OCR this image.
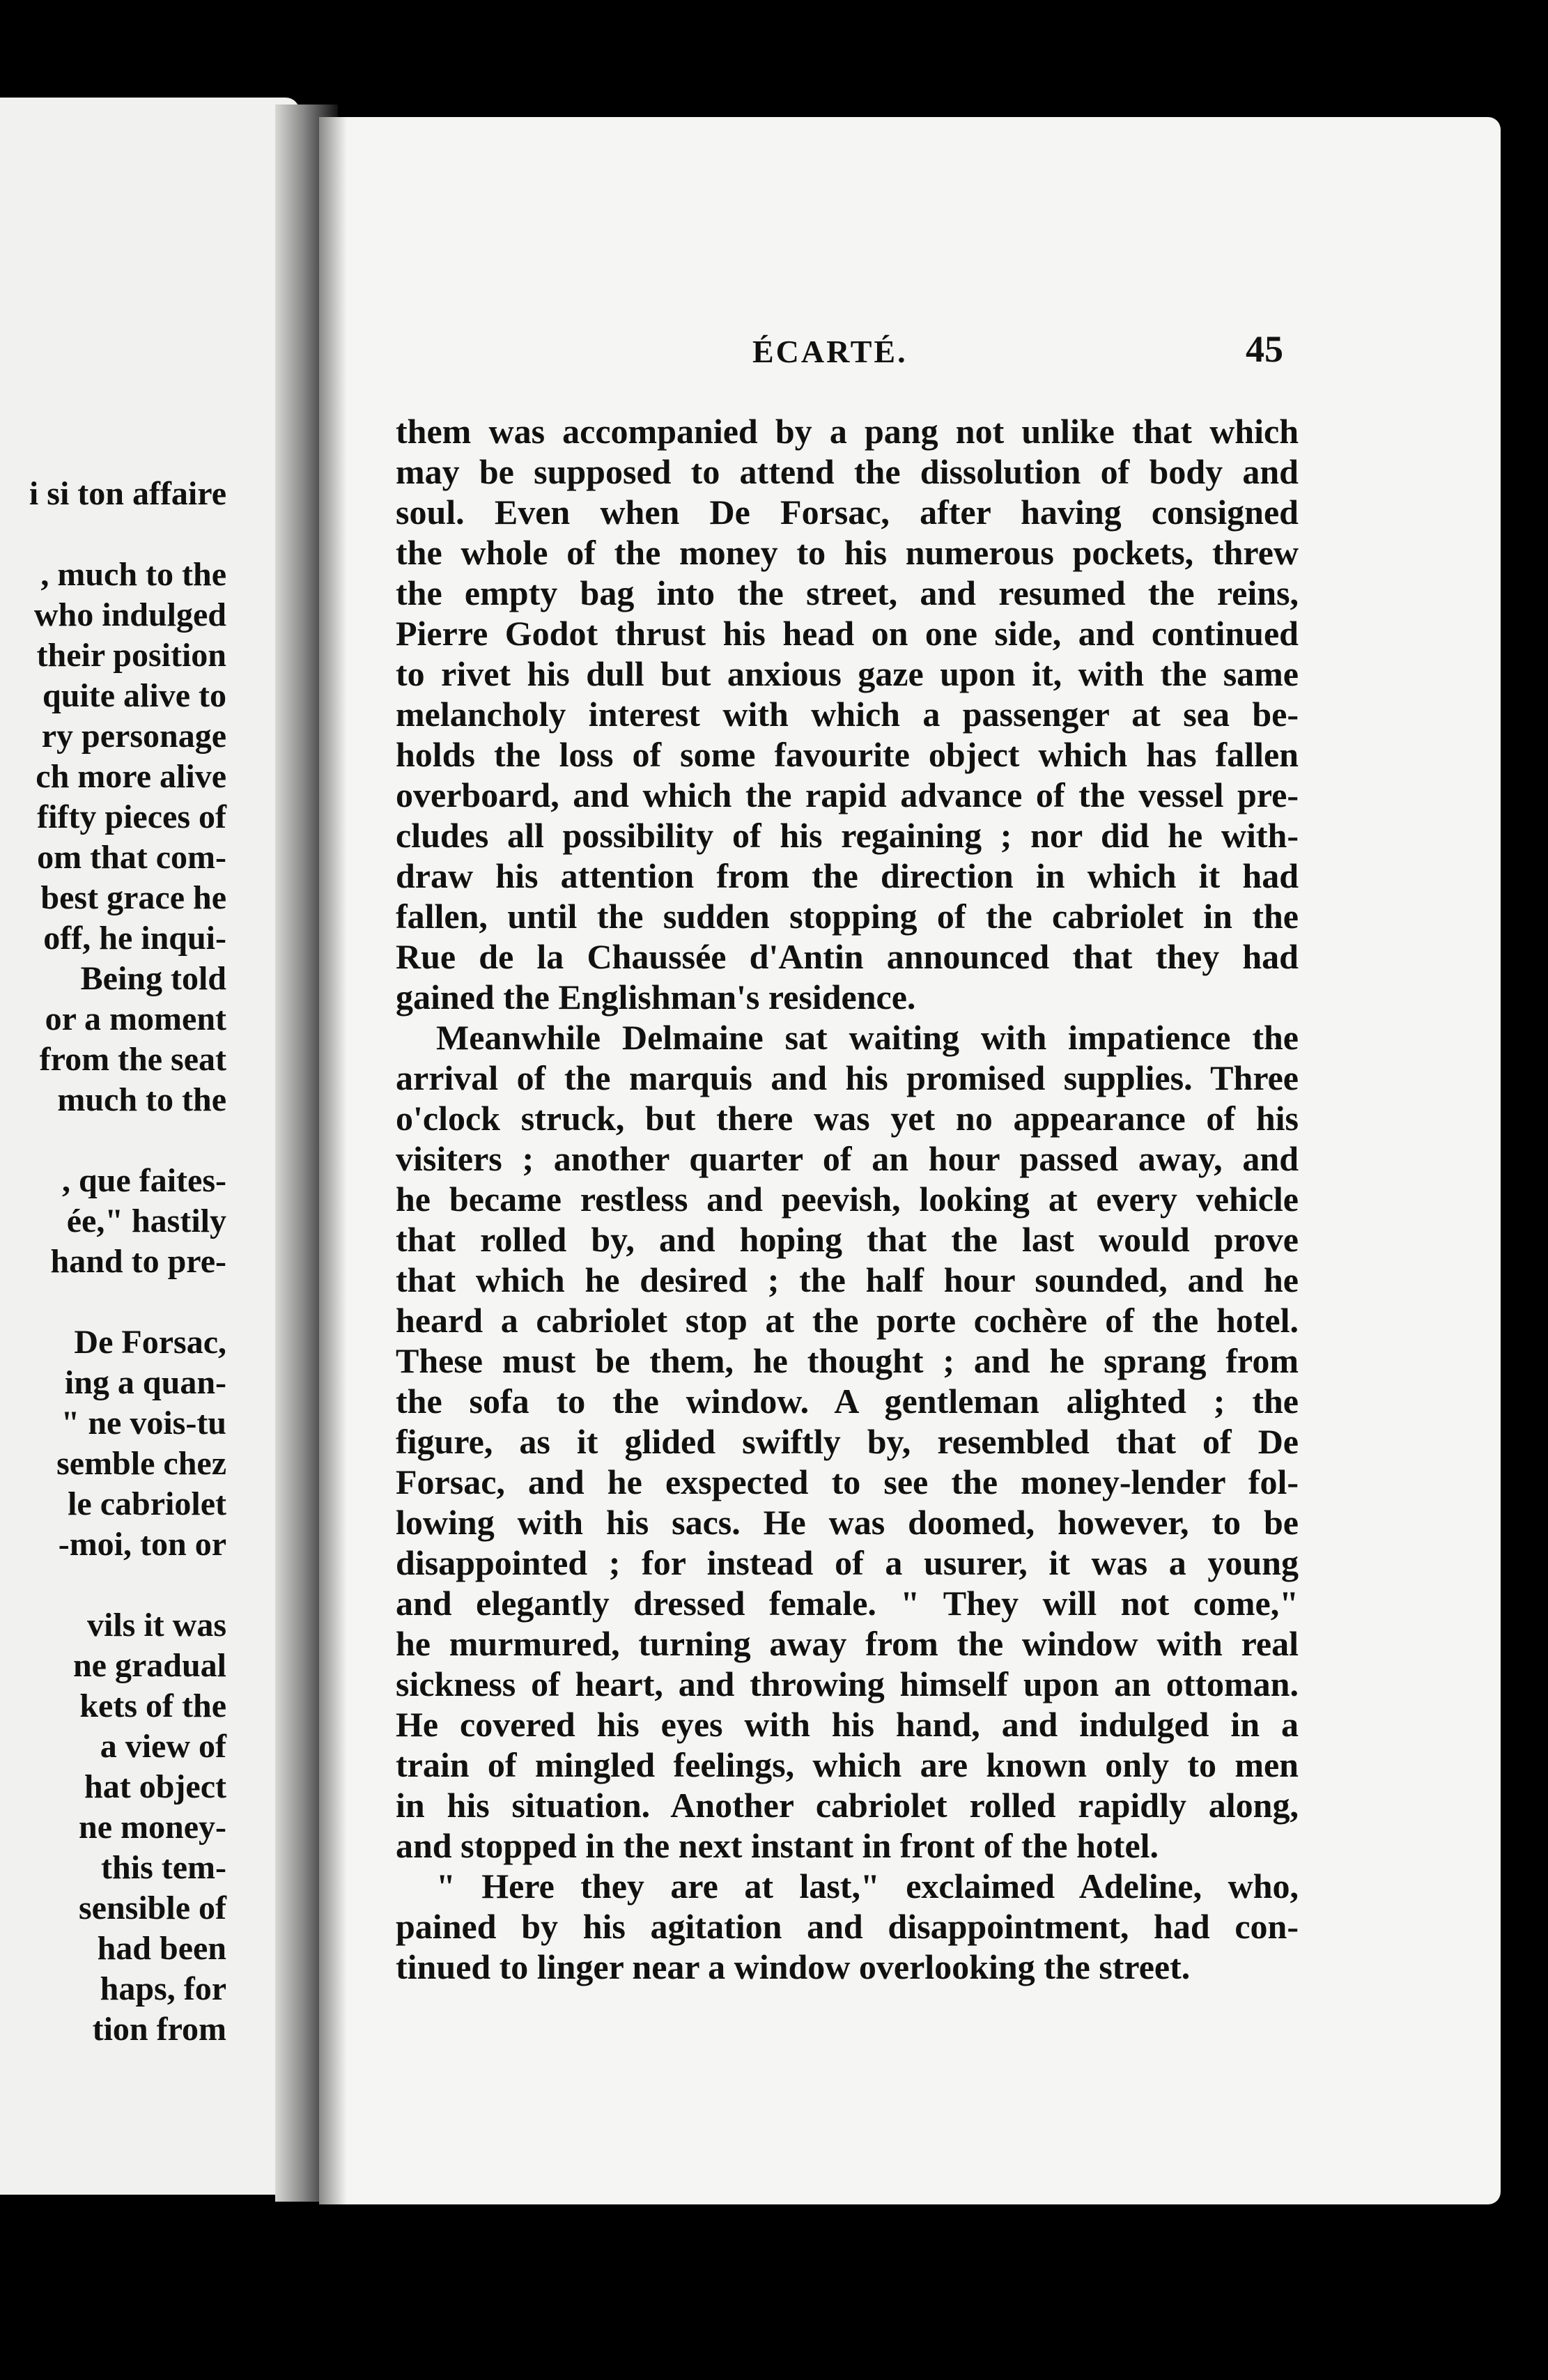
i si ton affaire
, much to the
who indulged
their position
quite alive to
ry personage
ch more alive
fifty pieces of
om that com-
best grace he
off, he inqui-
Being told
or a moment
from the seat
much to the
, que faites-
ée," hastily
hand to pre-
De Forsac,
ing a quan-
" ne vois-tu
semble chez
le cabriolet
-moi, ton or
vils it was
ne gradual
kets of the
a view of
hat object
ne money-
this tem-
sensible of
had been
haps, for
tion from
ÉCARTÉ.	45
them was accompanied by a pang not unlike that which
may be supposed to attend the dissolution of body and
soul. Even when De Forsac, after having consigned
the whole of the money to his numerous pockets, threw
the empty bag into the street, and resumed the reins,
Pierre Godot thrust his head on one side, and continued
to rivet his dull but anxious gaze upon it, with the same
melancholy interest with which a passenger at sea be-
holds the loss of some favourite object which has fallen
overboard, and which the rapid advance of the vessel pre-
cludes all possibility of his regaining ; nor did he with-
draw his attention from the direction in which it had
fallen, until the sudden stopping of the cabriolet in the
Rue de la Chaussée d'Antin announced that they had
gained the Englishman's residence.
Meanwhile Delmaine sat waiting with impatience the
arrival of the marquis and his promised supplies. Three
o'clock struck, but there was yet no appearance of his
visiters ; another quarter of an hour passed away, and
he became restless and peevish, looking at every vehicle
that rolled by, and hoping that the last would prove
that which he desired ; the half hour sounded, and he
heard a cabriolet stop at the porte cochère of the hotel.
These must be them, he thought ; and he sprang from
the sofa to the window. A gentleman alighted ; the
figure, as it glided swiftly by, resembled that of De
Forsac, and he exspected to see the money-lender fol-
lowing with his sacs. He was doomed, however, to be
disappointed ; for instead of a usurer, it was a young
and elegantly dressed female. " They will not come,"
he murmured, turning away from the window with real
sickness of heart, and throwing himself upon an ottoman.
He covered his eyes with his hand, and indulged in a
train of mingled feelings, which are known only to men
in his situation. Another cabriolet rolled rapidly along,
and stopped in the next instant in front of the hotel.
" Here they are at last," exclaimed Adeline, who,
pained by his agitation and disappointment, had con-
tinued to linger near a window overlooking the street.
